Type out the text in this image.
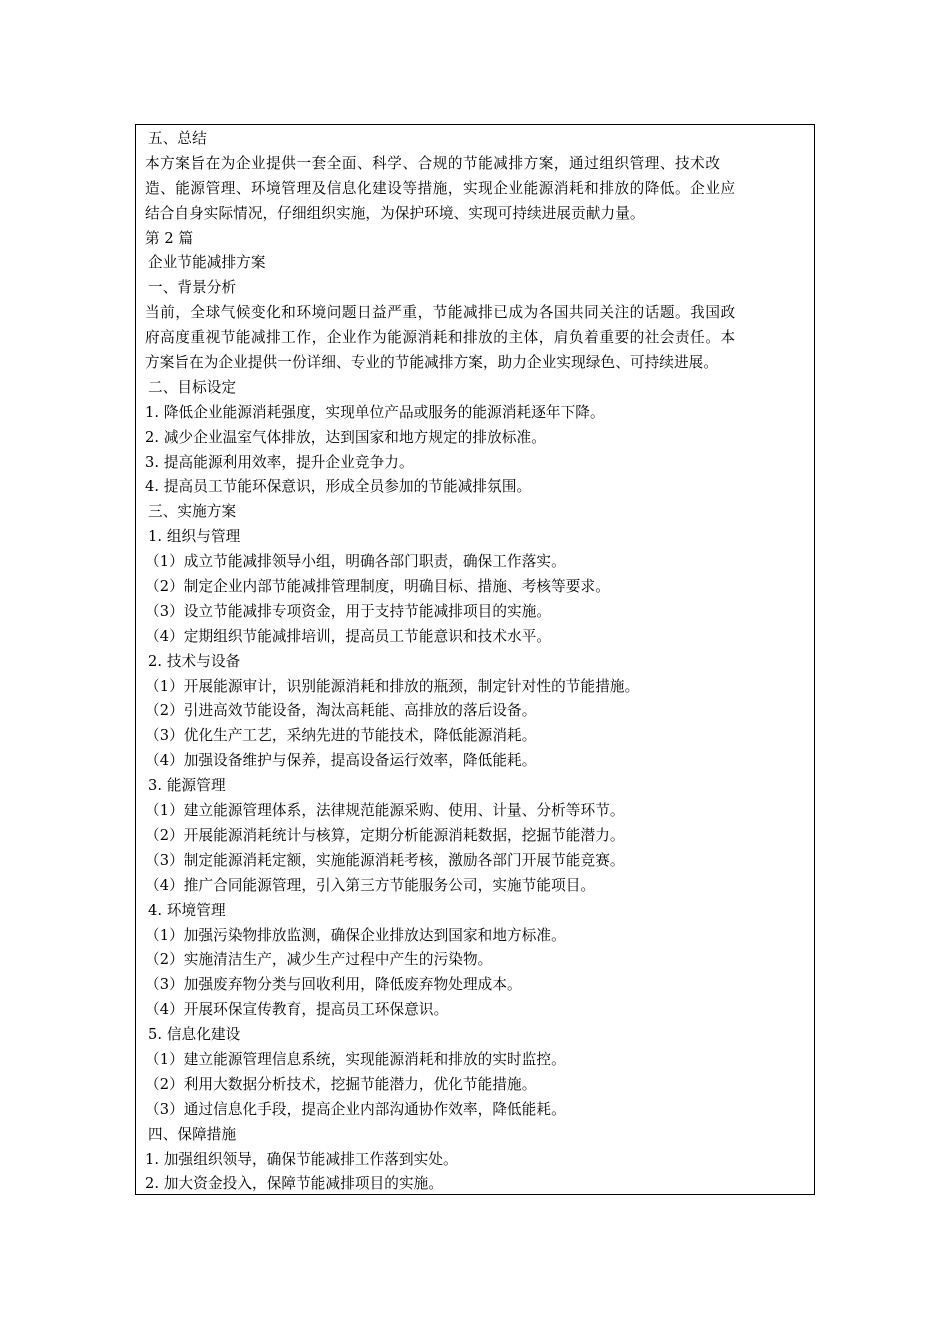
五、总结
本方案旨在为企业提供一套全面、科学、合规的节能减排方案，通过组织管理、技术改
造、能源管理、环境管理及信息化建设等措施，实现企业能源消耗和排放的降低。企业应
结合自身实际情况，仔细组织实施，为保护环境、实现可持续进展贡献力量。
第 2 篇
企业节能减排方案
一、背景分析
当前，全球气候变化和环境问题日益严重，节能减排已成为各国共同关注的话题。我国政
府高度重视节能减排工作，企业作为能源消耗和排放的主体，肩负着重要的社会责任。本
方案旨在为企业提供一份详细、专业的节能减排方案，助力企业实现绿色、可持续进展。
二、目标设定
1. 降低企业能源消耗强度，实现单位产品或服务的能源消耗逐年下降。
2. 减少企业温室气体排放，达到国家和地方规定的排放标准。
3. 提高能源利用效率，提升企业竞争力。
4. 提高员工节能环保意识，形成全员参加的节能减排氛围。
三、实施方案
1. 组织与管理
（1）成立节能减排领导小组，明确各部门职责，确保工作落实。
（2）制定企业内部节能减排管理制度，明确目标、措施、考核等要求。
（3）设立节能减排专项资金，用于支持节能减排项目的实施。
（4）定期组织节能减排培训，提高员工节能意识和技术水平。
2. 技术与设备
（1）开展能源审计，识别能源消耗和排放的瓶颈，制定针对性的节能措施。
（2）引进高效节能设备，淘汰高耗能、高排放的落后设备。
（3）优化生产工艺，采纳先进的节能技术，降低能源消耗。
（4）加强设备维护与保养，提高设备运行效率，降低能耗。
3. 能源管理
（1）建立能源管理体系，法律规范能源采购、使用、计量、分析等环节。
（2）开展能源消耗统计与核算，定期分析能源消耗数据，挖掘节能潜力。
（3）制定能源消耗定额，实施能源消耗考核，激励各部门开展节能竞赛。
（4）推广合同能源管理，引入第三方节能服务公司，实施节能项目。
4. 环境管理
（1）加强污染物排放监测，确保企业排放达到国家和地方标准。
（2）实施清洁生产，减少生产过程中产生的污染物。
（3）加强废弃物分类与回收利用，降低废弃物处理成本。
（4）开展环保宣传教育，提高员工环保意识。
5. 信息化建设
（1）建立能源管理信息系统，实现能源消耗和排放的实时监控。
（2）利用大数据分析技术，挖掘节能潜力，优化节能措施。
（3）通过信息化手段，提高企业内部沟通协作效率，降低能耗。
四、保障措施
1. 加强组织领导，确保节能减排工作落到实处。
2. 加大资金投入，保障节能减排项目的实施。
